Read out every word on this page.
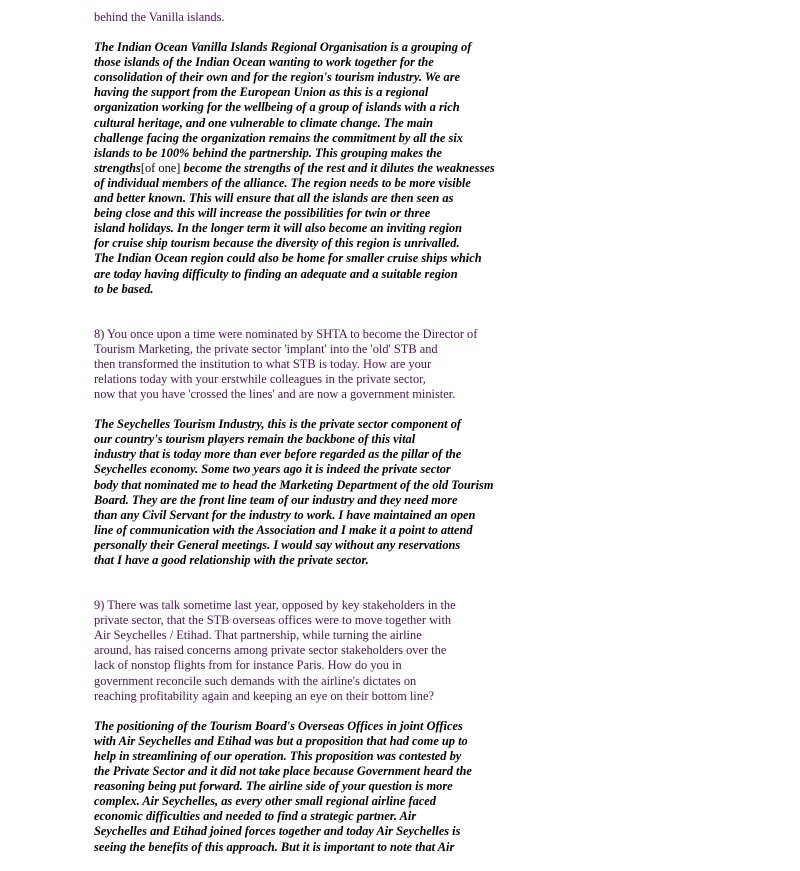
behind the Vanilla islands.
The Indian Ocean Vanilla Islands Regional Organisation is a grouping of
those islands of the Indian Ocean wanting to work together for the
consolidation of their own and for the region's tourism industry. We are
having the support from the European Union as this is a regional
organization working for the wellbeing of a group of islands with a rich
cultural heritage, and one vulnerable to climate change. The main
challenge facing the organization remains the commitment by all the six
islands to be 100% behind the partnership. This grouping makes the
strengths[of one] become the strengths of the rest and it dilutes the weaknesses
of individual members of the alliance. The region needs to be more visible
and better known. This will ensure that all the islands are then seen as
being close and this will increase the possibilities for twin or three
island holidays. In the longer term it will also become an inviting region
for cruise ship tourism because the diversity of this region is unrivalled.
The Indian Ocean region could also be home for smaller cruise ships which
are today having difficulty to finding an adequate and a suitable region
to be based.
8) You once upon a time were nominated by SHTA to become the Director of
Tourism Marketing, the private sector 'implant' into the 'old' STB and
then transformed the institution to what STB is today. How are your
relations today with your erstwhile colleagues in the private sector,
now that you have 'crossed the lines' and are now a government minister.
The Seychelles Tourism Industry, this is the private sector component of
our country's tourism players remain the backbone of this vital
industry that is today more than ever before regarded as the pillar of the
Seychelles economy. Some two years ago it is indeed the private sector
body that nominated me to head the Marketing Department of the old Tourism
Board. They are the front line team of our industry and they need more
than any Civil Servant for the industry to work. I have maintained an open
line of communication with the Association and I make it a point to attend
personally their General meetings. I would say without any reservations
that I have a good relationship with the private sector.
9) There was talk sometime last year, opposed by key stakeholders in the
private sector, that the STB overseas offices were to move together with
Air Seychelles / Etihad. That partnership, while turning the airline
around, has raised concerns among private sector stakeholders over the
lack of nonstop flights from for instance Paris. How do you in
government reconcile such demands with the airline's dictates on
reaching profitability again and keeping an eye on their bottom line?
The positioning of the Tourism Board's Overseas Offices in joint Offices
with Air Seychelles and Etihad was but a proposition that had come up to
help in streamlining of our operation. This proposition was contested by
the Private Sector and it did not take place because Government heard the
reasoning being put forward. The airline side of your question is more
complex. Air Seychelles, as every other small regional airline faced
economic difficulties and needed to find a strategic partner. Air
Seychelles and Etihad joined forces together and today Air Seychelles is
seeing the benefits of this approach. But it is important to note that Air
